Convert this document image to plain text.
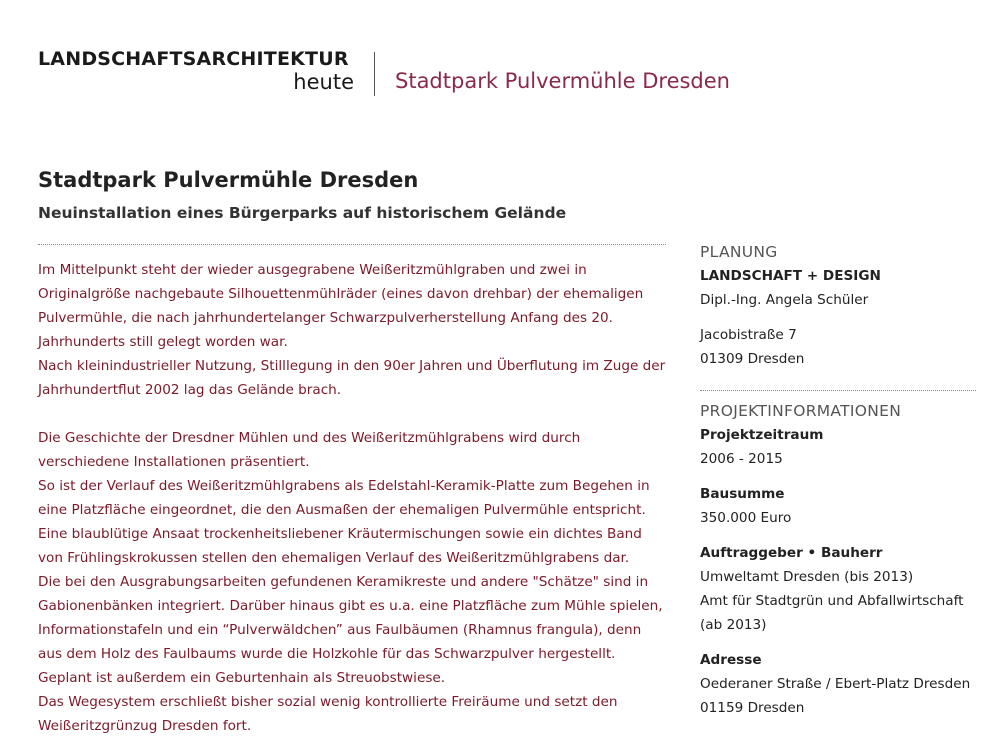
LANDSCHAFTSARCHITEKTUR
heute Stadtpark Pulvermühle Dresden
Stadtpark Pulvermühle Dresden
Neuinstallation eines Bürgerparks auf historischem Gelände

Im Mittelpunkt steht der wieder ausgegrabene Weißeritzmühlgraben und zwei in Originalgröße nachgebaute Silhouettenmühlräder (eines davon drehbar) der ehemaligen Pulvermühle, die nach jahrhundertelanger Schwarzpulverherstellung Anfang des 20. Jahrhunderts still gelegt worden war.

Nach kleinindustrieller Nutzung, Stilllegung in den 90er Jahren und Überflutung im Zuge der Jahrhundertflut 2002 lag das Gelände brach.

Die Geschichte der Dresdner Mühlen und des Weißeritzmühlgrabens wird durch verschiedene Installationen präsentiert.

So ist der Verlauf des Weißeritzmühlgrabens als Edelstahl-Keramik-Platte zum Begehen in eine Platzfläche eingeordnet, die den Ausmaßen der ehemaligen Pulvermühle entspricht.

Eine blaublütige Ansaat trockenheitsliebener Kräutermischungen sowie ein dichtes Band von Frühlingskrokussen stellen den ehemaligen Verlauf des Weißeritzmühlgrabens dar.

Die bei den Ausgrabungsarbeiten gefundenen Keramikreste und andere "Schätze" sind in Gabionenbänken integriert. Darüber hinaus gibt es u.a. eine Platzfläche zum Mühle spielen, Informationstafeln und ein “Pulverwäldchen” aus Faulbäumen (Rhamnus frangula), denn aus dem Holz des Faulbaums wurde die Holzkohle für das Schwarzpulver hergestellt.

Geplant ist außerdem ein Geburtenhain als Streuobstwiese.

Das Wegesystem erschließt bisher sozial wenig kontrollierte Freiräume und setzt den Weißeritzgrünzug Dresden fort.

PLANUNG
LANDSCHAFT + DESIGN
Dipl.-Ing. Angela Schüler
Jacobistraße 7
01309 Dresden
PROJEKTINFORMATIONEN
Projektzeitraum
2006 - 2015
Bausumme
350.000 Euro
Auftraggeber • Bauherr
Umweltamt Dresden (bis 2013)
Amt für Stadtgrün und Abfallwirtschaft
(ab 2013)
Adresse
Oederaner Straße / Ebert-Platz Dresden
01159 Dresden
